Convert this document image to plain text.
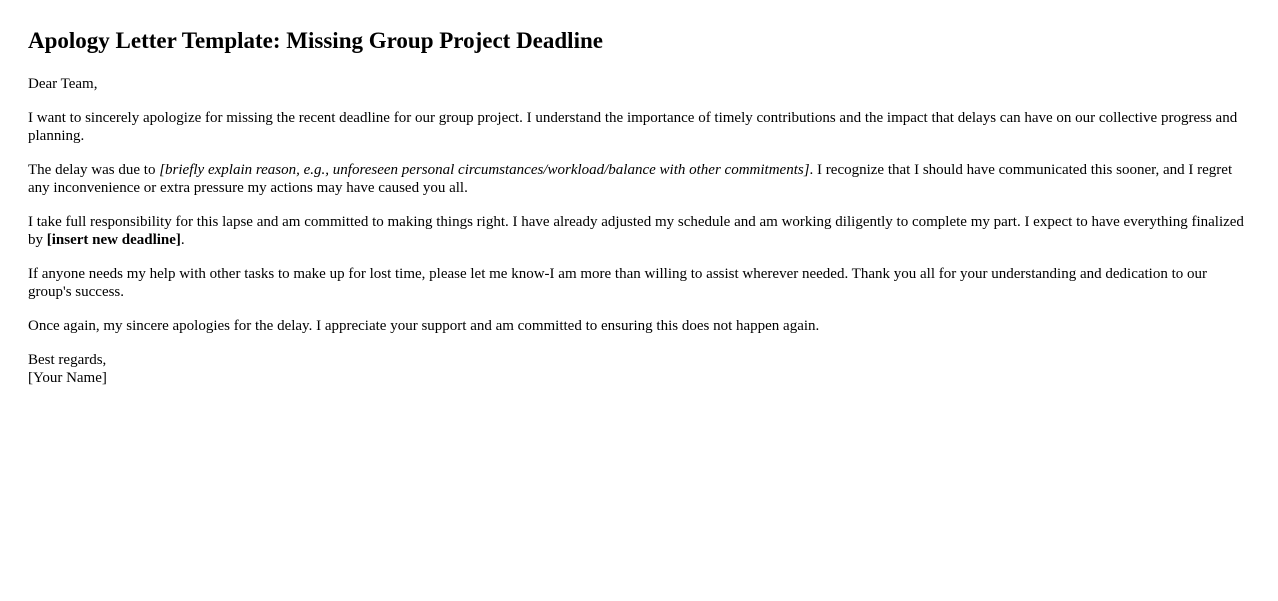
Apology Letter Template: Missing Group Project Deadline

Dear Team,

I want to sincerely apologize for missing the recent deadline for our group project. I understand the importance of timely contributions and the impact that delays can have on our collective progress and planning.

The delay was due to [briefly explain reason, e.g., unforeseen personal circumstances/workload/balance with other commitments]. I recognize that I should have communicated this sooner, and I regret any inconvenience or extra pressure my actions may have caused you all.

I take full responsibility for this lapse and am committed to making things right. I have already adjusted my schedule and am working diligently to complete my part. I expect to have everything finalized by [insert new deadline].

If anyone needs my help with other tasks to make up for lost time, please let me know-I am more than willing to assist wherever needed. Thank you all for your understanding and dedication to our group's success.

Once again, my sincere apologies for the delay. I appreciate your support and am committed to ensuring this does not happen again.

Best regards,
[Your Name]
